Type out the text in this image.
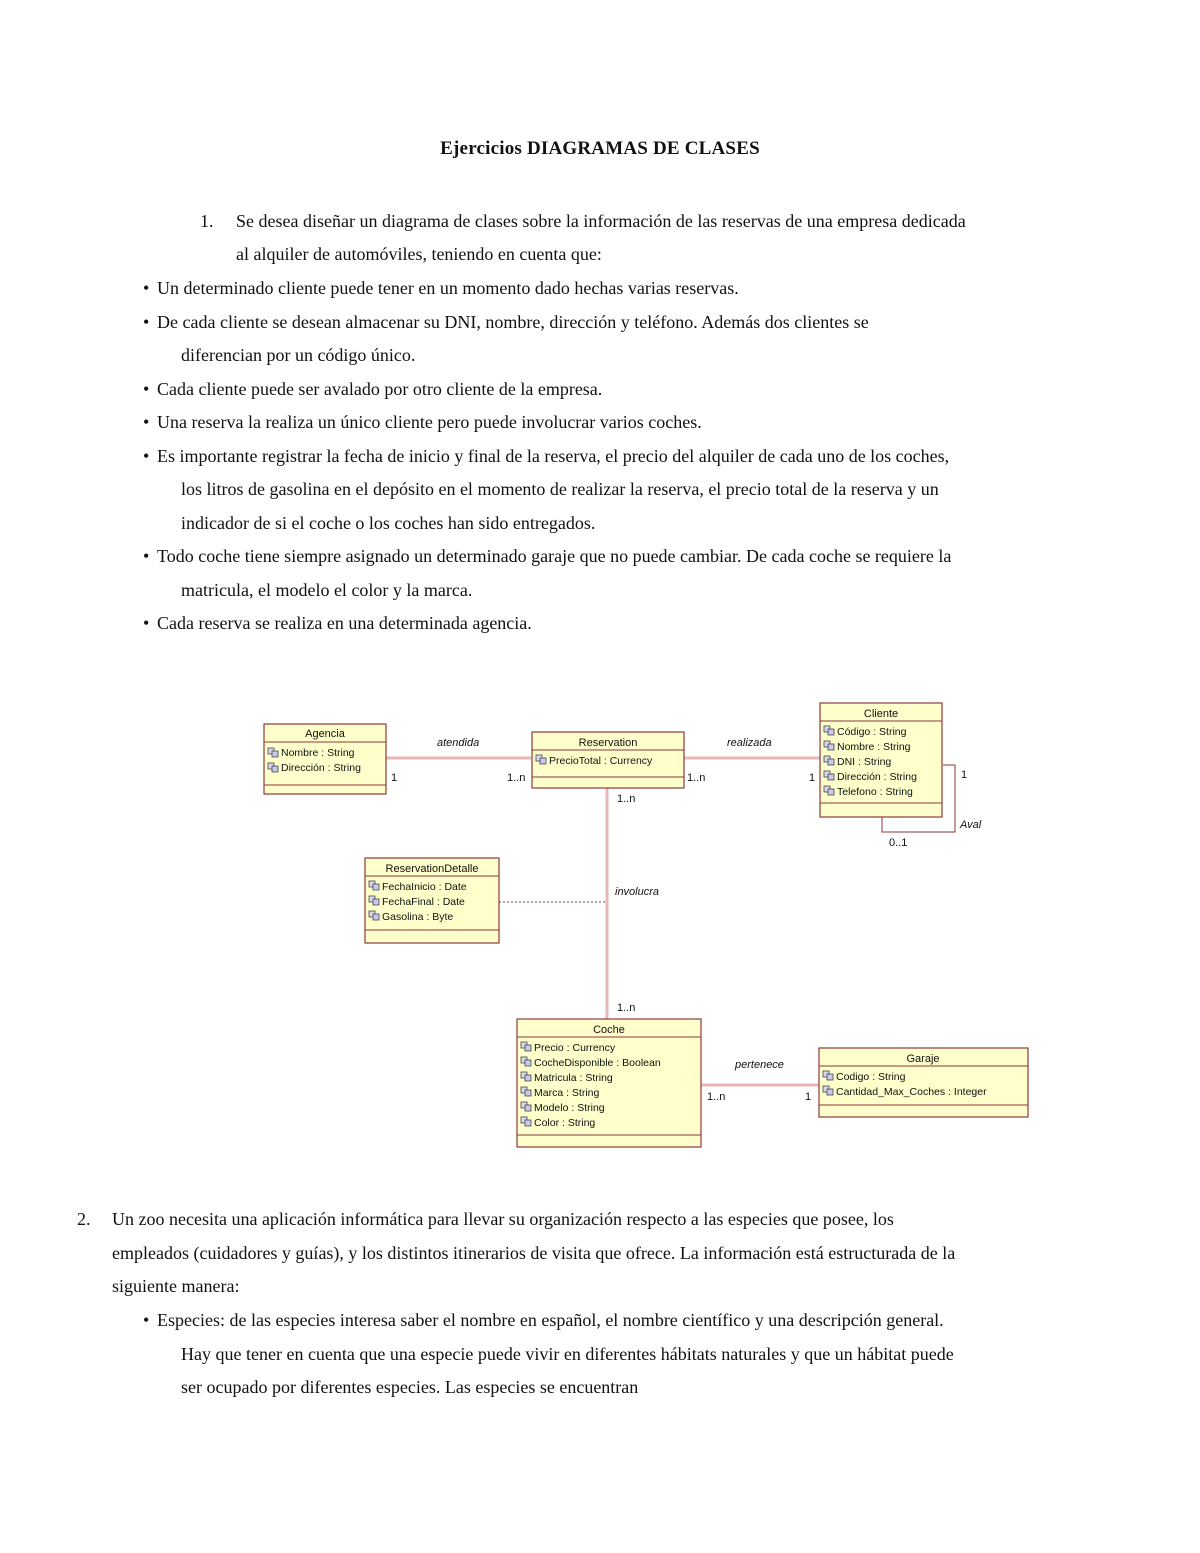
Ejercicios DIAGRAMAS DE CLASES
1.	Se desea diseñar un diagrama de clases sobre la información de las reservas de una empresa dedicada
al alquiler de automóviles, teniendo en cuenta que:
• Un determinado cliente puede tener en un momento dado hechas varias reservas.
• De cada cliente se desean almacenar su DNI, nombre, dirección y teléfono. Además dos clientes se
diferencian por un código único.
• Cada cliente puede ser avalado por otro cliente de la empresa.
• Una reserva la realiza un único cliente pero puede involucrar varios coches.
• Es importante registrar la fecha de inicio y final de la reserva, el precio del alquiler de cada uno de los coches,
los litros de gasolina en el depósito en el momento de realizar la reserva, el precio total de la reserva y un
indicador de si el coche o los coches han sido entregados.
• Todo coche tiene siempre asignado un determinado garaje que no puede cambiar. De cada coche se requiere la
matricula, el modelo el color y la marca.
• Cada reserva se realiza en una determinada agencia.
atendida
1	1..n
realizada
1..n	1
involucra
1..n
1..n
pertenece
1..n	1
Aval
1
0..1
Agencia
Nombre : String
Dirección : String
Reservation
PrecioTotal : Currency
Cliente
Código : String
Nombre : String
DNI : String
Dirección : String
Telefono : String
ReservationDetalle
FechaInicio : Date
FechaFinal : Date
Gasolina : Byte
Coche
Precio : Currency
CocheDisponible : Boolean
Matricula : String
Marca : String
Modelo : String
Color : String
Garaje
Codigo : String
Cantidad_Max_Coches : Integer
2.	Un zoo necesita una aplicación informática para llevar su organización respecto a las especies que posee, los
empleados (cuidadores y guías), y los distintos itinerarios de visita que ofrece. La información está estructurada de la
siguiente manera:
• Especies: de las especies interesa saber el nombre en español, el nombre científico y una descripción general.
Hay que tener en cuenta que una especie puede vivir en diferentes hábitats naturales y que un hábitat puede
ser ocupado por diferentes especies. Las especies se encuentran
